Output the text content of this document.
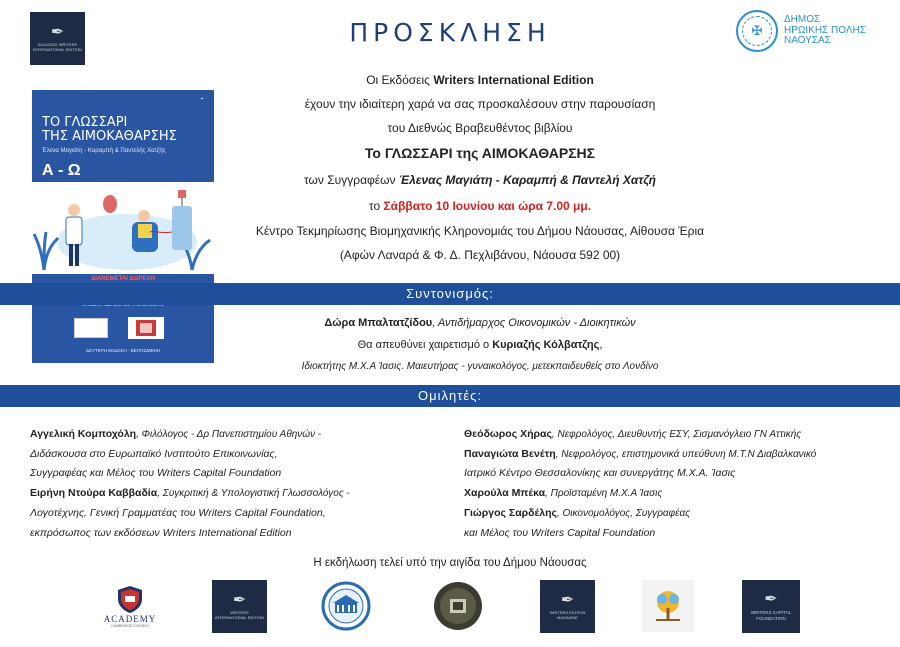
✒
ΕΚΔΟΣΕΙΣ WRITERS INTERNATIONAL EDITION
ΠΡΟΣΚΛΗΣΗ	✠
ΔΗΜΟΣ
ΗΡΩΙΚΗΣ ΠΟΛΗΣ
ΝΑΟΥΣΑΣ
✒
ΤΟ ΓΛΩΣΣΑΡΙ
ΤΗΣ ΑΙΜΟΚΑΘΑΡΣΗΣ
Έλενα Μαγιάτη - Καραμπή & Παντελής Χατζής
Α - Ω
ΔΙΑΝΕΜΕΤΑΙ ΔΩΡΕΑΝ
ΔΕΥΤΕΡΗ ΕΚΔΟΣΗ · ΒΕΛΤΙΩΜΕΝΗ
Οι Εκδόσεις Writers International Edition
έχουν την ιδιαίτερη χαρά να σας προσκαλέσουν στην παρουσίαση
του Διεθνώς Βραβευθέντος βιβλίου
Το ΓΛΩΣΣΑΡΙ της ΑΙΜΟΚΑΘΑΡΣΗΣ
των Συγγραφέων Έλενας Μαγιάτη - Καραμπή & Παντελή Χατζή
το Σάββατο 10 Ιουνίου και ώρα 7.00 μμ.
Κέντρο Τεκμηρίωσης Βιομηχανικής Κληρονομιάς του Δήμου Νάουσας, Αίθουσα Έρια
(Αφών Λαναρά & Φ. Δ. Πεχλιβάνου, Νάουσα 592 00)
Συντονισμός:
Δώρα Μπαλτατζίδου, Αντιδήμαρχος Οικονομικών - Διοικητικών
Θα απευθύνει χαιρετισμό ο Κυριαζής Κόλβατζης,
Ιδιοκτήτης Μ.Χ.Α Ίασις. Μαιευτήρας - γυναικολόγος, μετεκπαιδευθείς στο Λονδίνο
Ομιλητές:
Αγγελική Κομποχόλη, Φιλόλογος - Δρ Πανεπιστημίου Αθηνών -
Διδάσκουσα στο Ευρωπαϊκό Ινστιτούτο Επικοινωνίας,
Συγγραφέας και Μέλος του Writers Capital Foundation
Ειρήνη Ντούρα Καββαδία, Συγκριτική & Υπολογιστική Γλωσσολόγος -
Λογοτέχνης, Γενική Γραμματέας του Writers Capital Foundation,
εκπρόσωπος των εκδόσεων Writers International Edition
Θεόδωρος Χήρας, Νεφρολόγος, Διευθυντής ΕΣΥ, Σισμανόγλειο ΓΝ Αττικής
Παναγιώτα Βενέτη, Νεφρολόγος, επιστημονικά υπεύθυνη Μ.Τ.Ν Διαβαλκανικό
Ιατρικό Κέντρο Θεσσαλονίκης και συνεργάτης Μ.Χ.Α. Ίασις
Χαρούλα Μπέκα, Προϊσταμένη Μ.Χ.Α Ίασις
Γιώργος Σαρδέλης, Οικονομολόγος, Συγγραφέας
και Μέλος του Writers Capital Foundation
Η εκδήλωση τελεί υπό την αιγίδα του Δήμου Νάουσας
ACADEMY
CAMBRIDGE ΣΧΟΛΕΙΟ
✒
WRITERS INTERNATIONAL EDITION
✒
WRITERS EDITION MAGAZINE
✒
WRITERS CAPITAL FOUNDATION
